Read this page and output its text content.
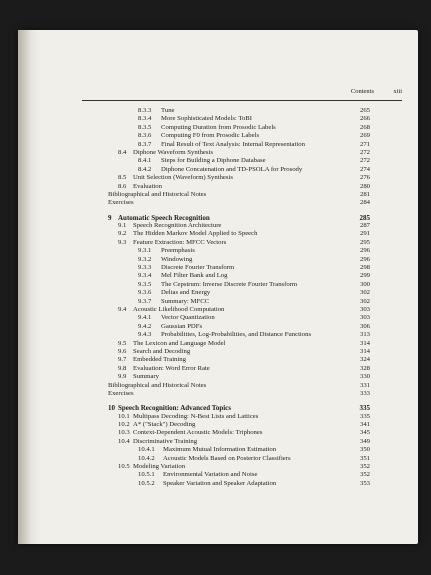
Contents	xiii
8.3.3 Tune	265
8.3.4 More Sophisticated Models: ToBI	266
8.3.5 Computing Duration from Prosodic Labels	268
8.3.6 Computing F0 from Prosodic Labels	269
8.3.7 Final Result of Text Analysis: Internal Representation	271
8.4 Diphone Waveform Synthesis	272
8.4.1 Steps for Building a Diphone Database	272
8.4.2 Diphone Concatenation and TD-PSOLA for Prosody	274
8.5 Unit Selection (Waveform) Synthesis	276
8.6 Evaluation	280
Bibliographical and Historical Notes	281
Exercises	284
9 Automatic Speech Recognition	285
9.1 Speech Recognition Architecture	287
9.2 The Hidden Markov Model Applied to Speech	291
9.3 Feature Extraction: MFCC Vectors	295
9.3.1 Preemphasis	296
9.3.2 Windowing	296
9.3.3 Discrete Fourier Transform	298
9.3.4 Mel Filter Bank and Log	299
9.3.5 The Cepstrum: Inverse Discrete Fourier Transform	300
9.3.6 Deltas and Energy	302
9.3.7 Summary: MFCC	302
9.4 Acoustic Likelihood Computation	303
9.4.1 Vector Quantization	303
9.4.2 Gaussian PDFs	306
9.4.3 Probabilities, Log-Probabilities, and Distance Functions	313
9.5 The Lexicon and Language Model	314
9.6 Search and Decoding	314
9.7 Embedded Training	324
9.8 Evaluation: Word Error Rate	328
9.9 Summary	330
Bibliographical and Historical Notes	331
Exercises	333
10 Speech Recognition: Advanced Topics	335
10.1 Multipass Decoding: N-Best Lists and Lattices	335
10.2 A* ("Stack") Decoding	341
10.3 Context-Dependent Acoustic Models: Triphones	345
10.4 Discriminative Training	349
10.4.1 Maximum Mutual Information Estimation	350
10.4.2 Acoustic Models Based on Posterior Classifiers	351
10.5 Modeling Variation	352
10.5.1 Environmental Variation and Noise	352
10.5.2 Speaker Variation and Speaker Adaptation	353
